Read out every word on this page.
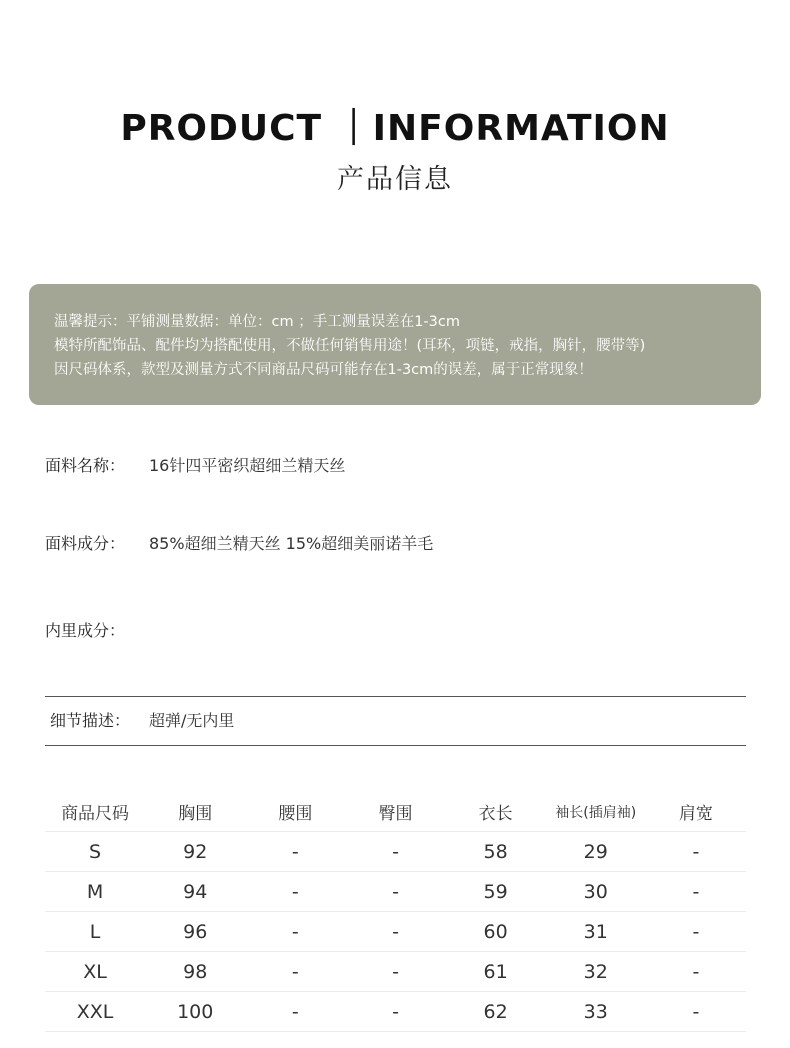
PRODUCT ｜INFORMATION
产品信息
温馨提示：平铺测量数据：单位：cm ；手工测量误差在1-3cm
模特所配饰品、配件均为搭配使用，不做任何销售用途！(耳环，项链，戒指，胸针，腰带等)
因尺码体系，款型及测量方式不同商品尺码可能存在1-3cm的误差，属于正常现象！
面料名称： 16针四平密织超细兰精天丝
面料成分： 85%超细兰精天丝 15%超细美丽诺羊毛
内里成分：
细节描述： 超弹/无内里
商品尺码	胸围	腰围	臀围	衣长	袖长(插肩袖)	肩宽
S	92	-	-	58	29	-
M	94	-	-	59	30	-
L	96	-	-	60	31	-
XL	98	-	-	61	32	-
XXL	100	-	-	62	33	-
